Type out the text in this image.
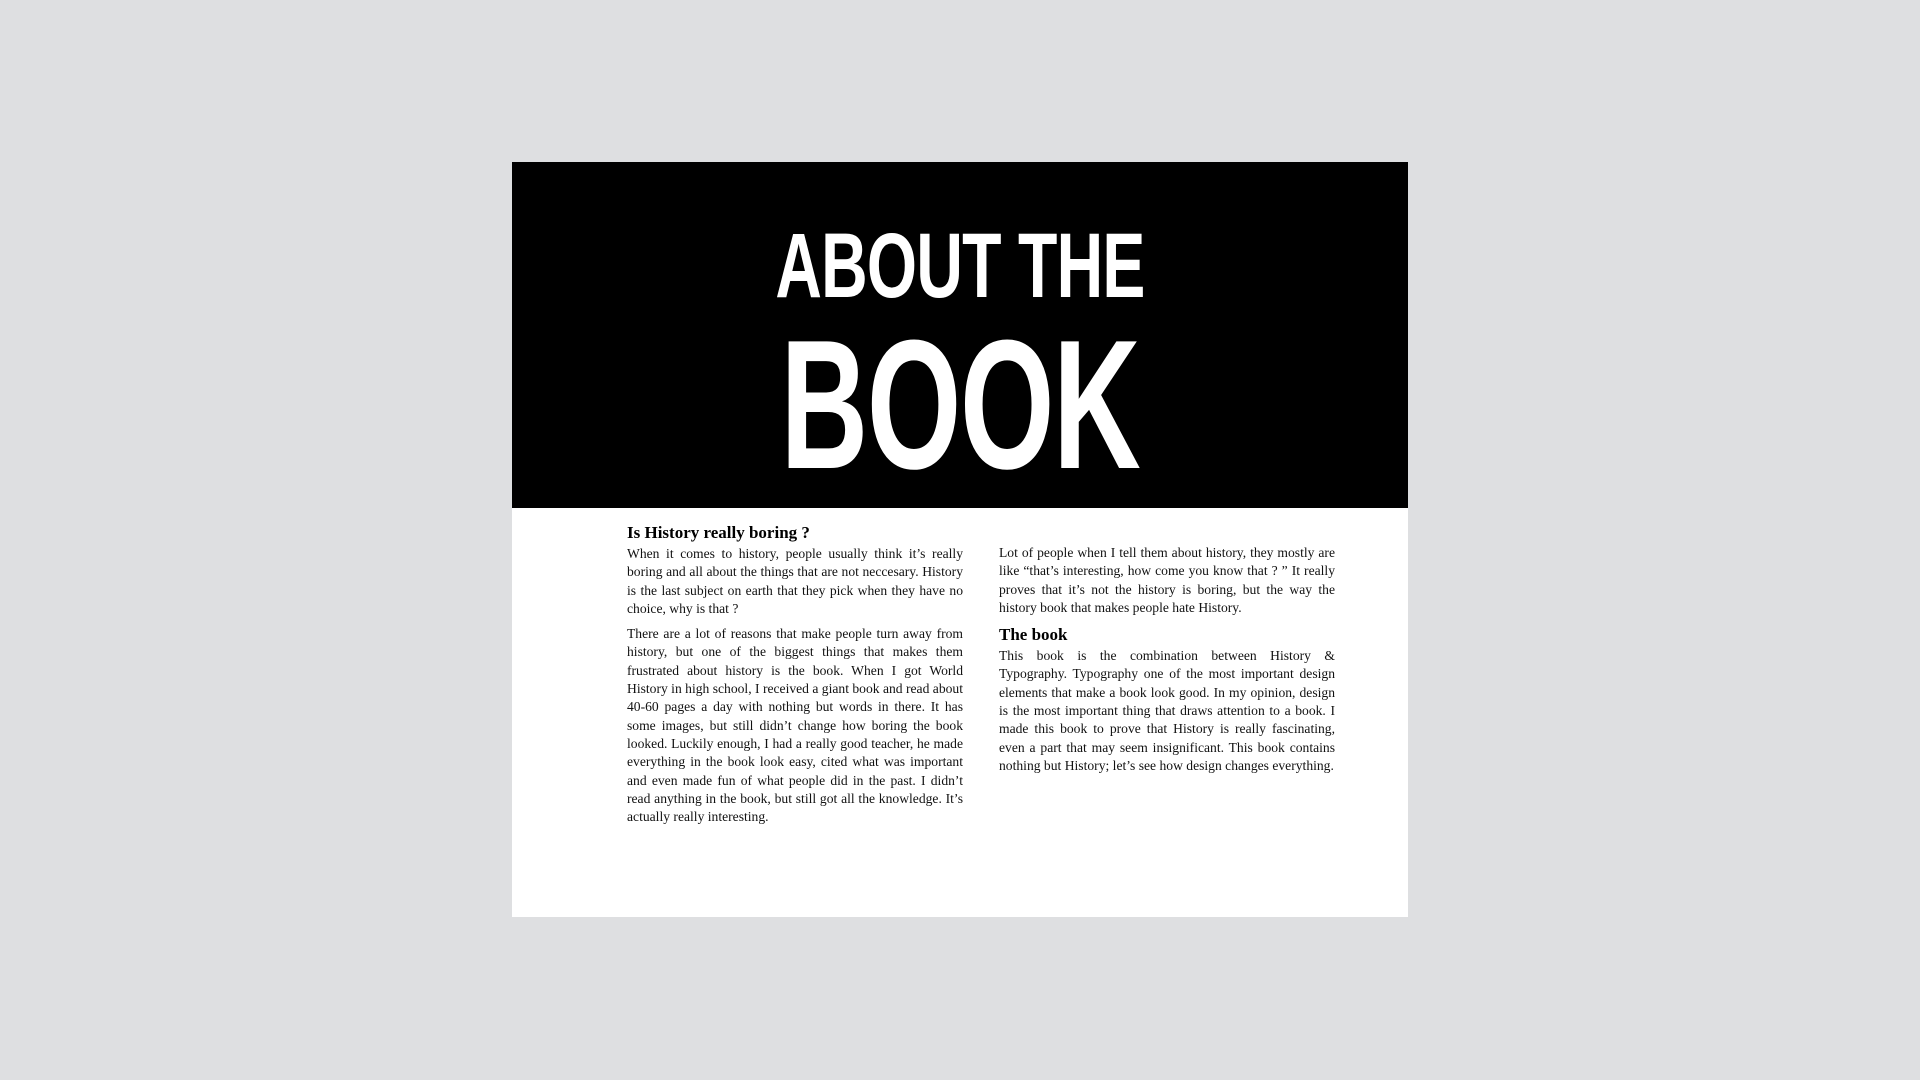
ABOUT THE
BOOK
Is History really boring ?

When it comes to history, people usually think it’s really boring and all about the things that are not neccesary. History is the last subject on earth that they pick when they have no choice, why is that ?

There are a lot of reasons that make people turn away from history, but one of the biggest things that makes them frustrated about history is the book. When I got World History in high school, I received a giant book and read about 40-60 pages a day with nothing but words in there. It has some images, but still didn’t change how boring the book looked. Luckily enough, I had a really good teacher, he made everything in the book look easy, cited what was important and even made fun of what people did in the past. I didn’t read anything in the book, but still got all the knowledge. It’s actually really interesting.

Lot of people when I tell them about history, they mostly are like “that’s interesting, how come you know that ? ” It really proves that it’s not the history is boring, but the way the history book that makes people hate History.

The book

This book is the combination between History & Typography. Typography one of the most important design elements that make a book look good. In my opinion, design is the most important thing that draws attention to a book. I made this book to prove that History is really fascinating, even a part that may seem insignificant. This book contains nothing but History; let’s see how design changes everything.
